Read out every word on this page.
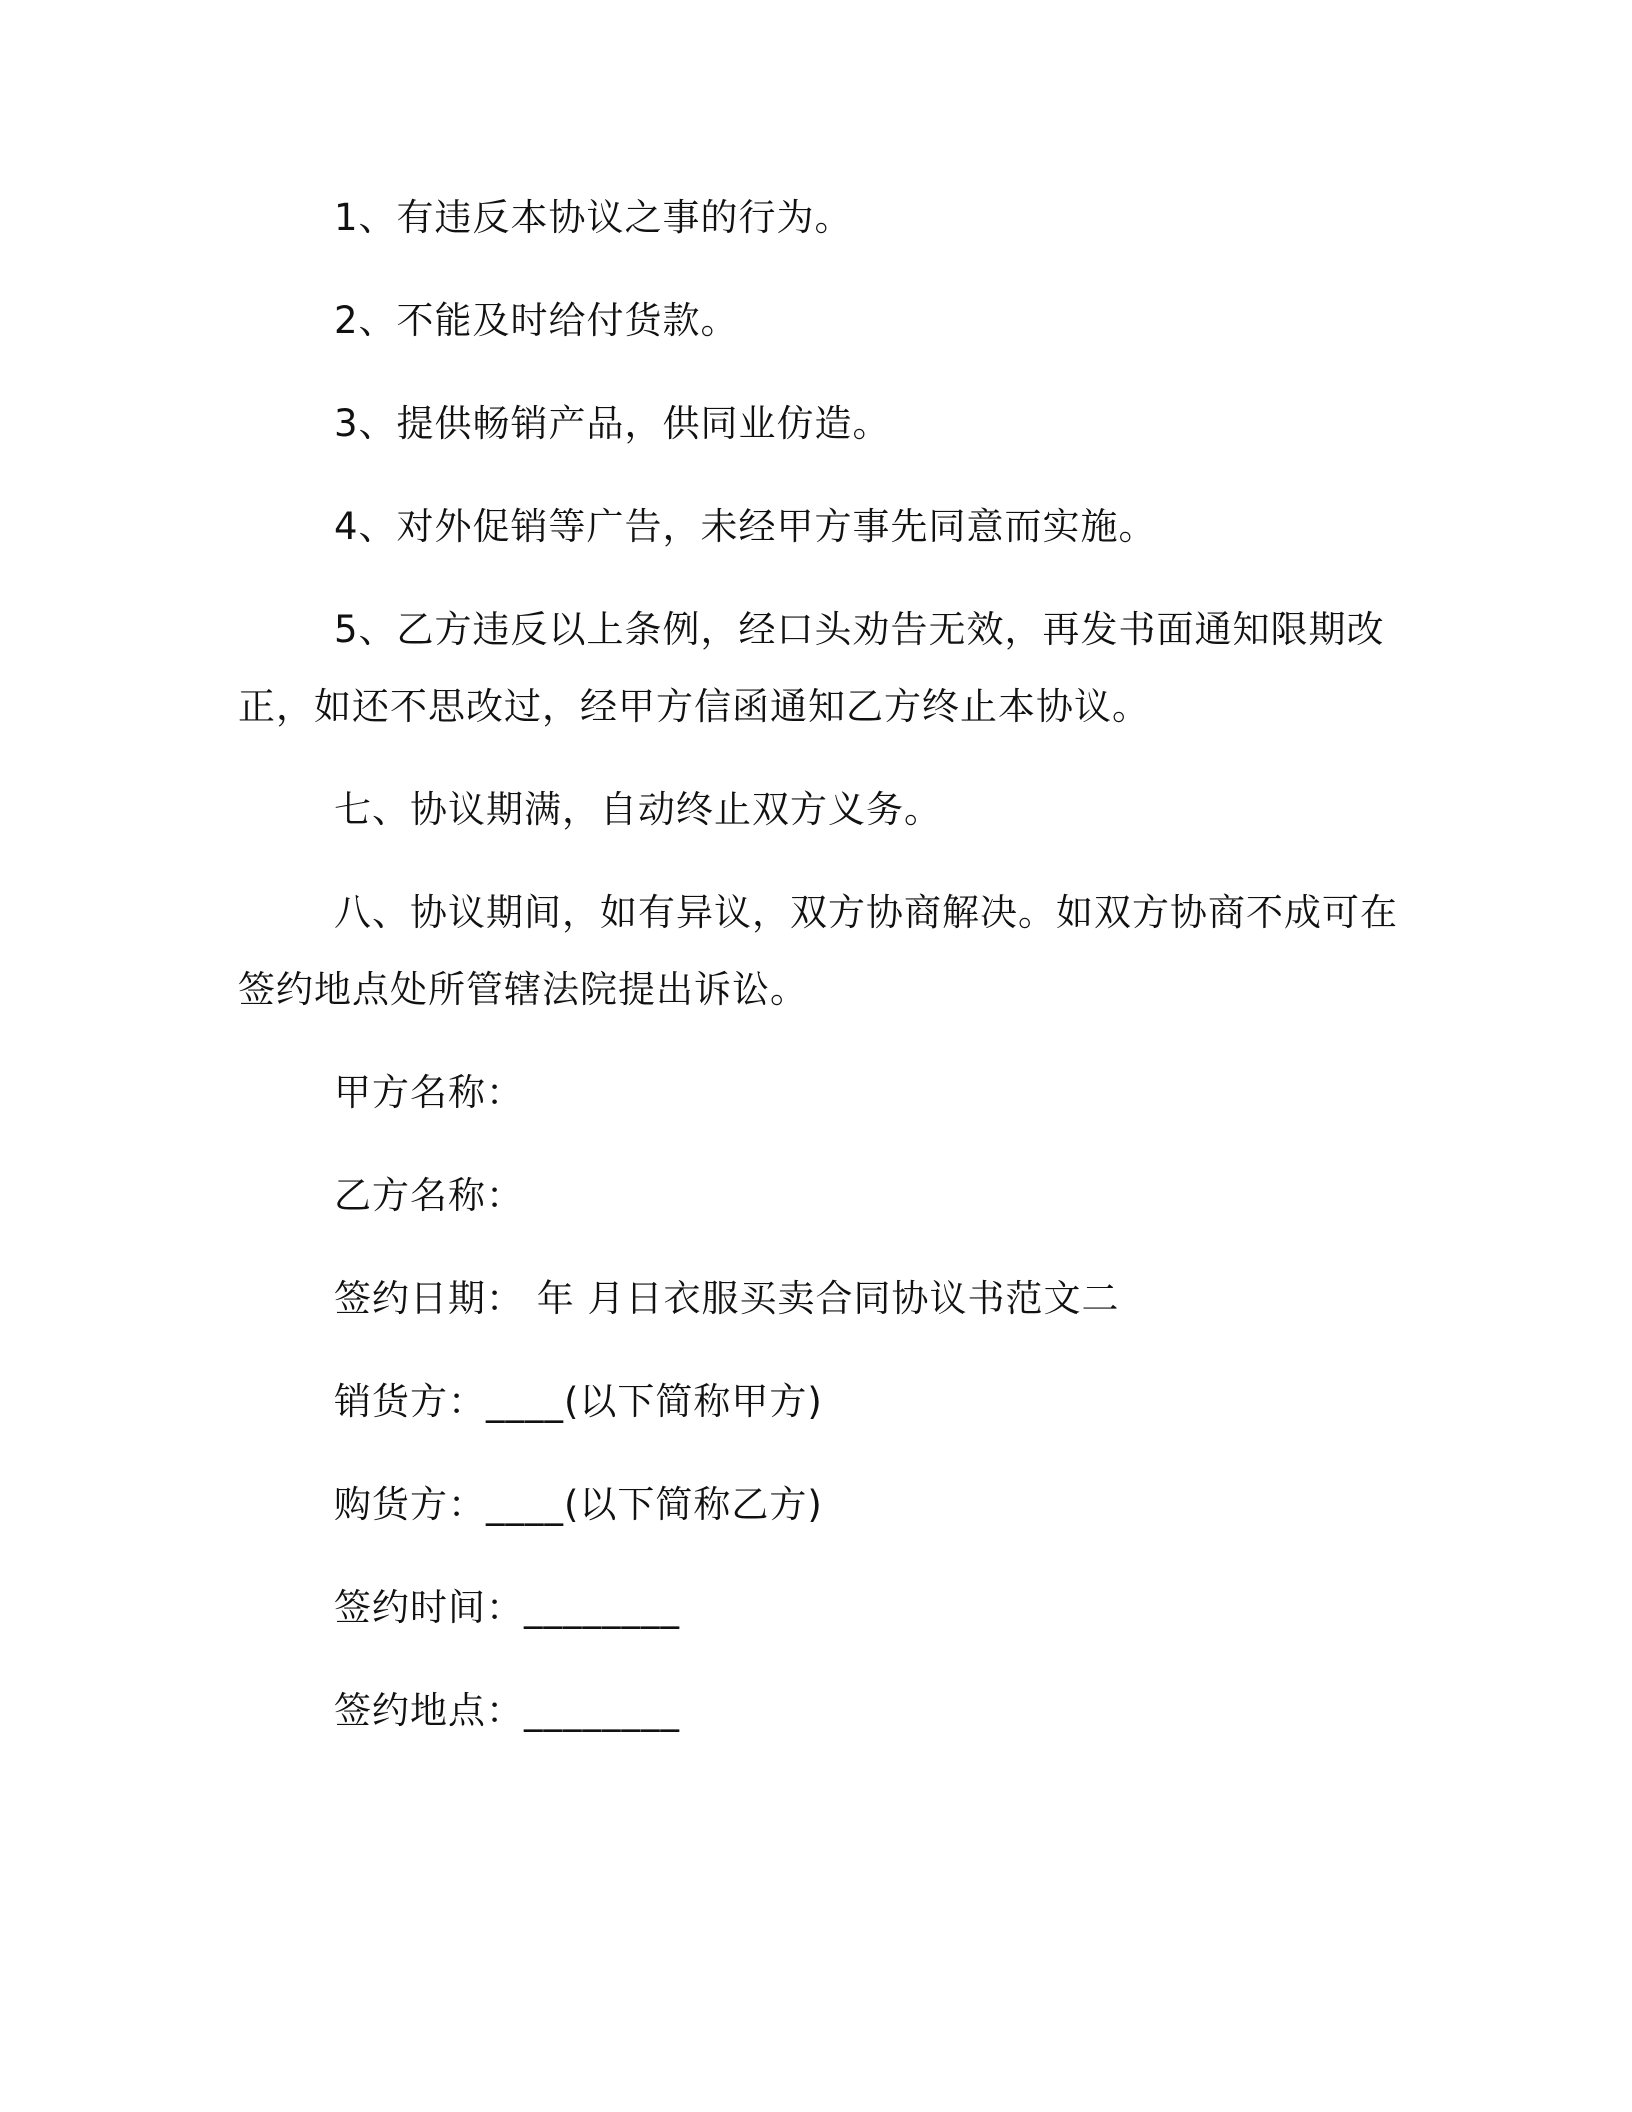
1、有违反本协议之事的行为。
2、不能及时给付货款。
3、提供畅销产品，供同业仿造。
4、对外促销等广告，未经甲方事先同意而实施。
5、乙方违反以上条例，经口头劝告无效，再发书面通知限期改
正，如还不思改过，经甲方信函通知乙方终止本协议。
七、协议期满，自动终止双方义务。
八、协议期间，如有异议，双方协商解决。如双方协商不成可在
签约地点处所管辖法院提出诉讼。
甲方名称：
乙方名称：
签约日期： 年 月日衣服买卖合同协议书范文二
销货方：____(以下简称甲方)
购货方：____(以下简称乙方)
签约时间：________
签约地点：________
